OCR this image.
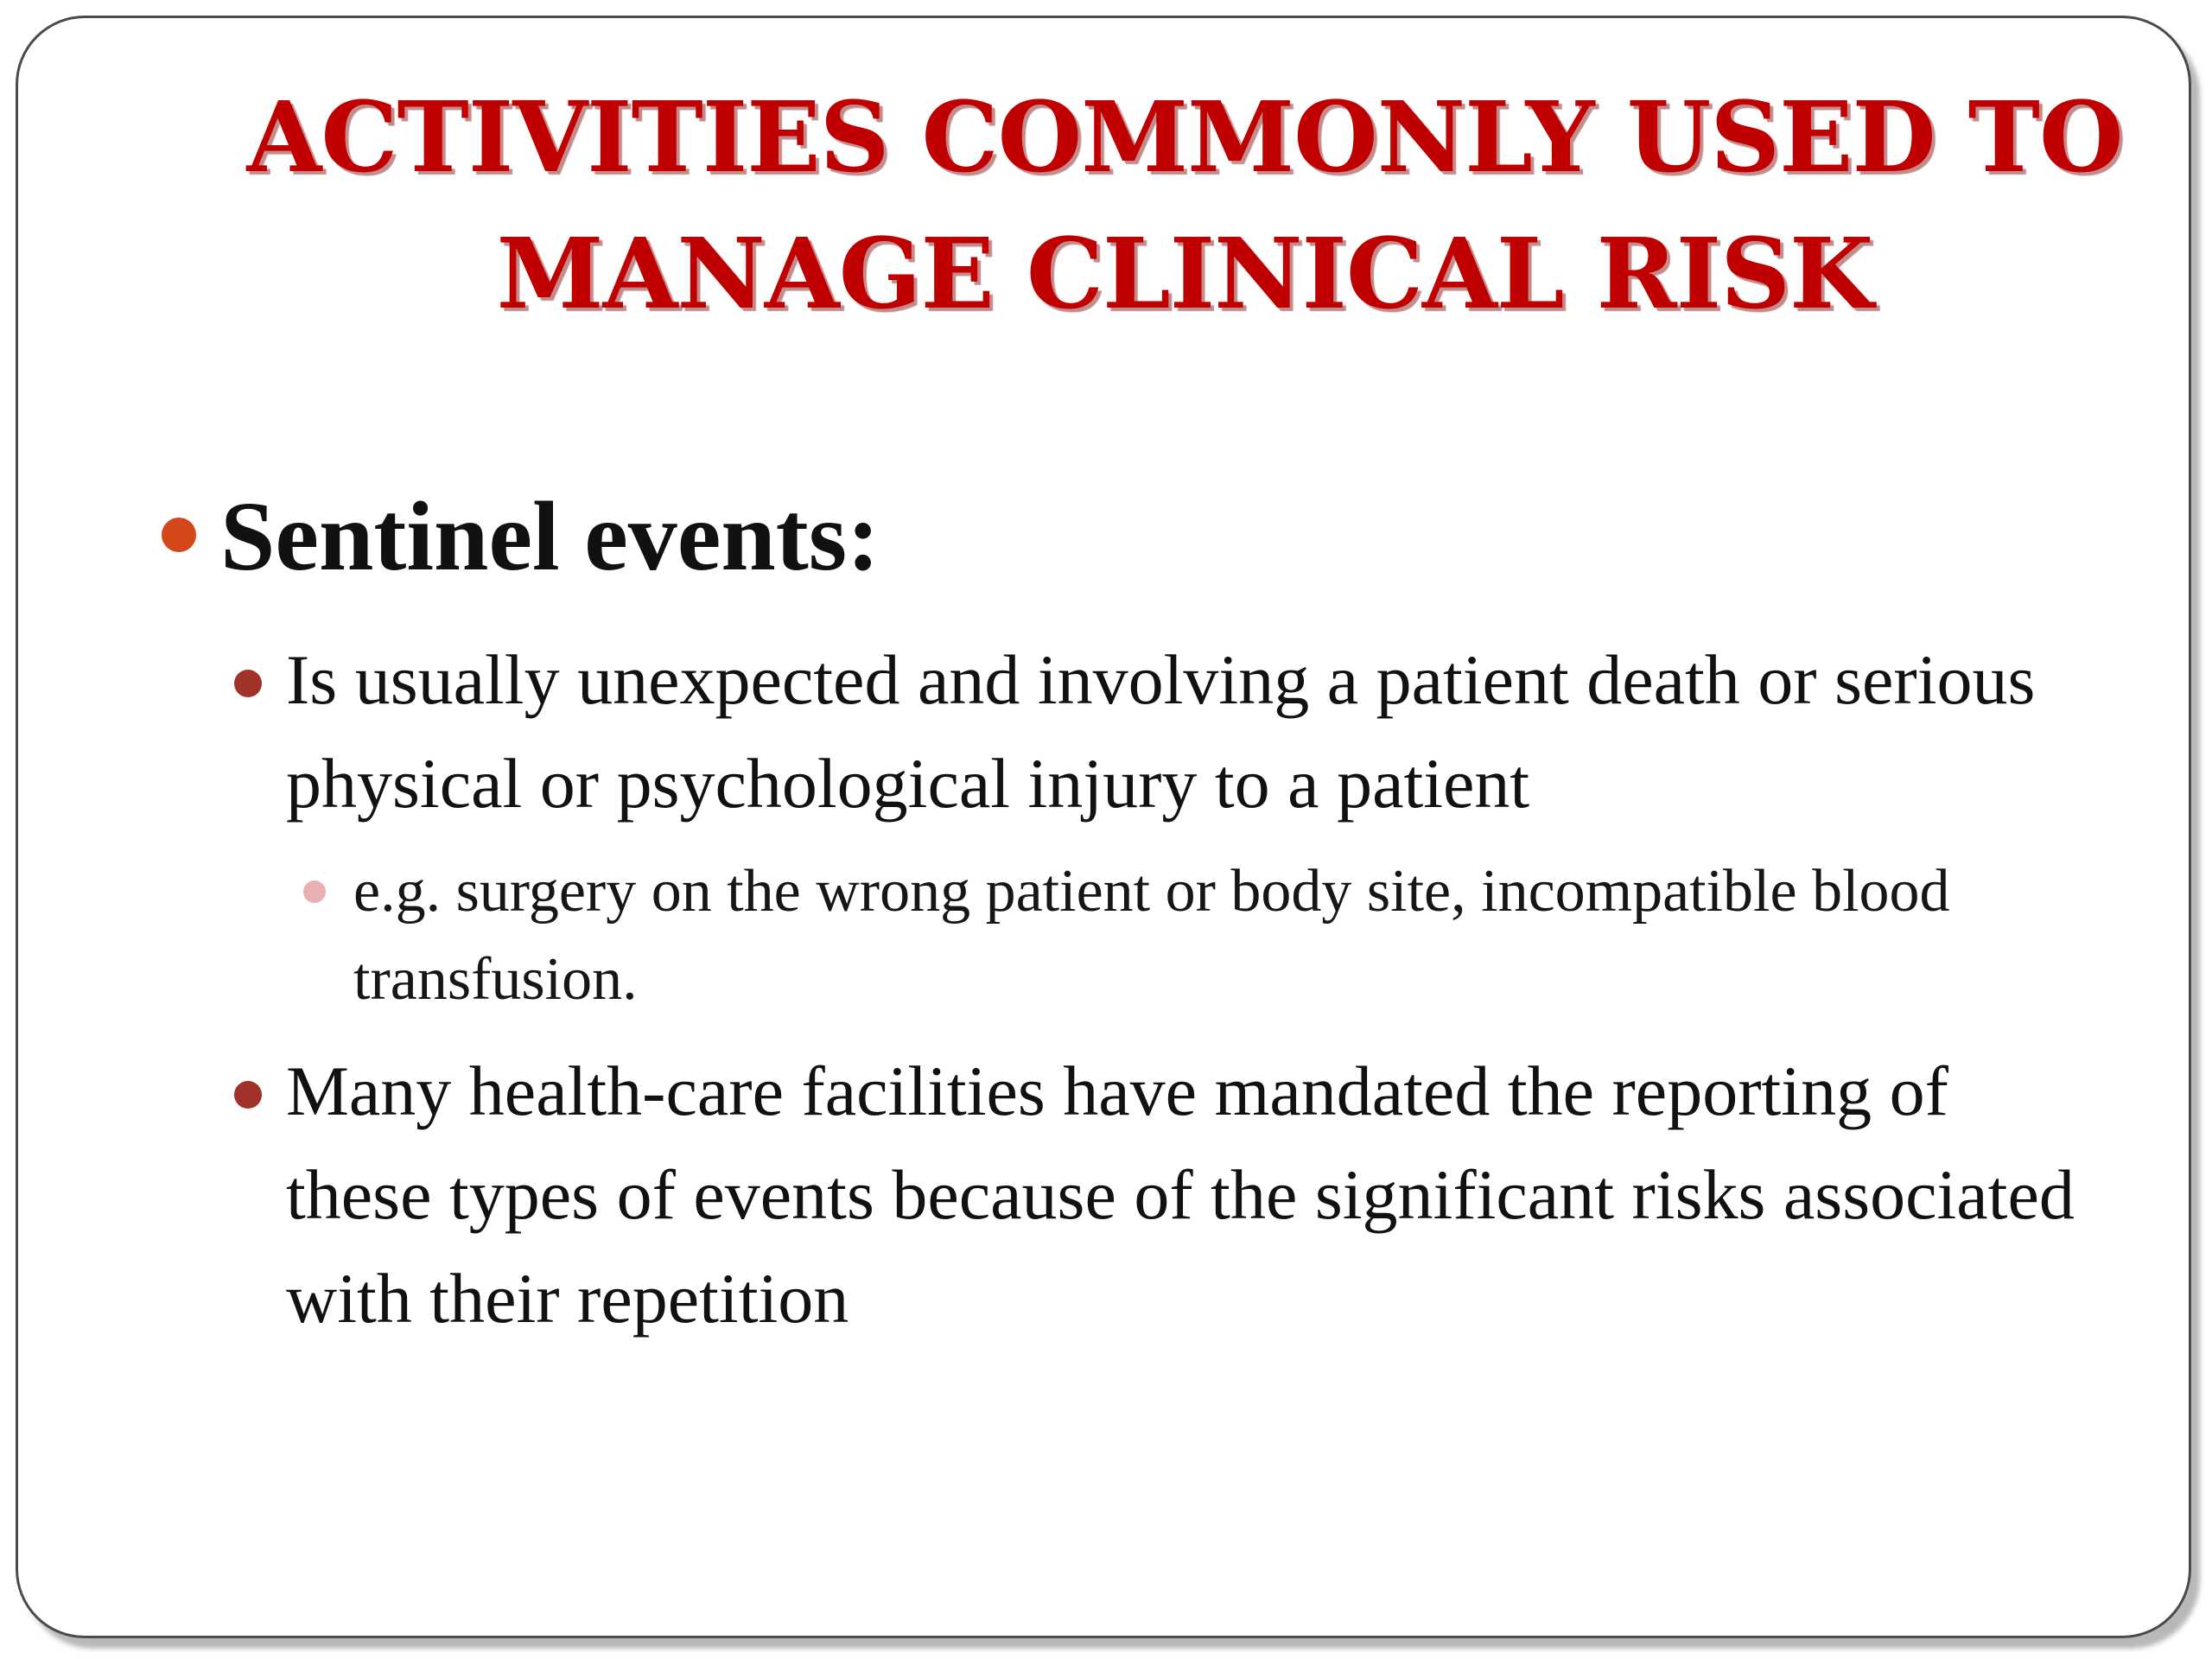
ACTIVITIES COMMONLY USED TO
MANAGE CLINICAL RISK
Sentinel events:
Is usually unexpected and involving a patient death or serious physical or psychological injury to a patient
e.g. surgery on the wrong patient or body site, incompatible blood transfusion.
Many health-care facilities have mandated the reporting of these types of events because of the significant risks associated with their repetition
